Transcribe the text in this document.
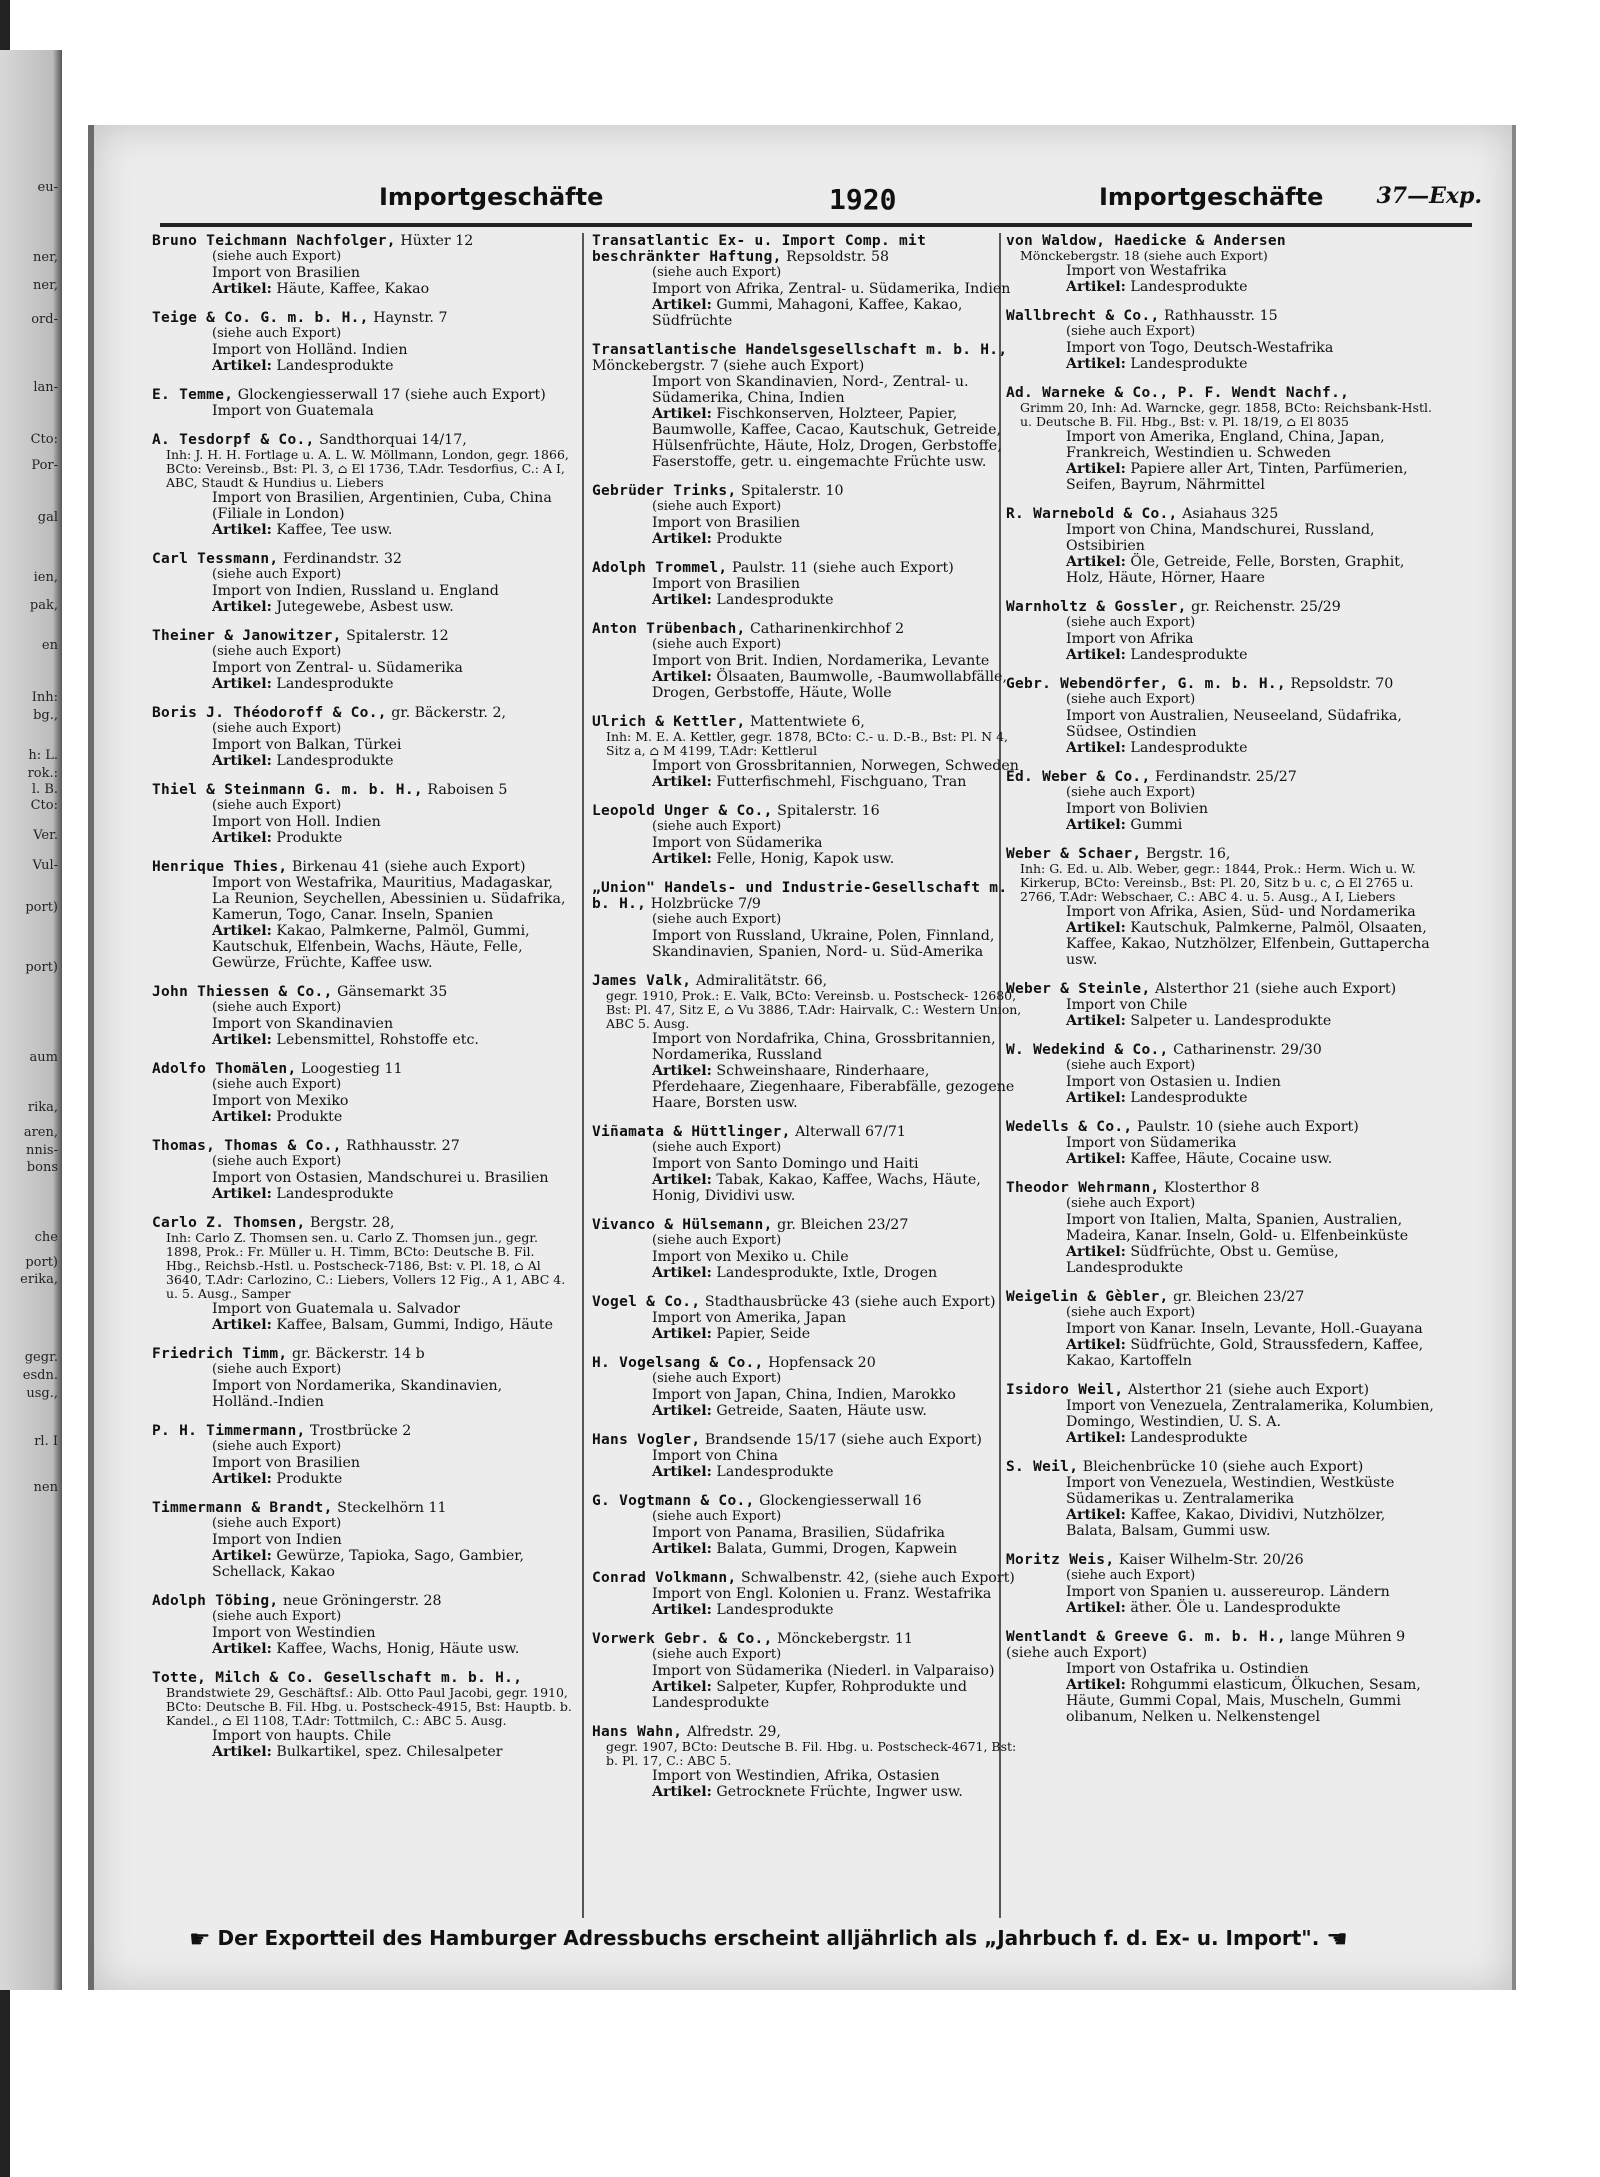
eu-
ner,
ner,
ord-
lan-
Cto:
Por-
gal
ien,
pak,
en
Inh:
bg.,
h: L.
rok.:
l. B.
Cto:
Ver.
Vul-
port)
port)
aum
rika,
aren,
nnis-
bons
che
port)
erika,
gegr.
esdn.
usg.,
rl. I
nen
Importgeschäfte	1920	Importgeschäfte 37—Exp.
Bruno Teichmann Nachfolger, Hüxter 12
(siehe auch Export)
Import von Brasilien
Artikel: Häute, Kaffee, Kakao
Teige & Co. G. m. b. H., Haynstr. 7
(siehe auch Export)
Import von Holländ. Indien
Artikel: Landesprodukte
E. Temme, Glockengiesserwall 17 (siehe auch Export)
Import von Guatemala
A. Tesdorpf & Co., Sandthorquai 14/17,
Inh: J. H. H. Fortlage u. A. L. W. Möllmann, London, gegr. 1866, BCto: Vereinsb., Bst: Pl. 3, ⌂ El 1736, T.Adr. Tesdorfius, C.: A I, ABC, Staudt & Hundius u. Liebers
Import von Brasilien, Argentinien, Cuba, China (Filiale in London)
Artikel: Kaffee, Tee usw.
Carl Tessmann, Ferdinandstr. 32
(siehe auch Export)
Import von Indien, Russland u. England
Artikel: Jutegewebe, Asbest usw.
Theiner & Janowitzer, Spitalerstr. 12
(siehe auch Export)
Import von Zentral- u. Südamerika
Artikel: Landesprodukte
Boris J. Théodoroff & Co., gr. Bäckerstr. 2,
(siehe auch Export)
Import von Balkan, Türkei
Artikel: Landesprodukte
Thiel & Steinmann G. m. b. H., Raboisen 5
(siehe auch Export)
Import von Holl. Indien
Artikel: Produkte
Henrique Thies, Birkenau 41 (siehe auch Export)
Import von Westafrika, Mauritius, Madagaskar, La Reunion, Seychellen, Abessinien u. Südafrika, Kamerun, Togo, Canar. Inseln, Spanien
Artikel: Kakao, Palmkerne, Palmöl, Gummi, Kautschuk, Elfenbein, Wachs, Häute, Felle, Gewürze, Früchte, Kaffee usw.
John Thiessen & Co., Gänsemarkt 35
(siehe auch Export)
Import von Skandinavien
Artikel: Lebensmittel, Rohstoffe etc.
Adolfo Thomälen, Loogestieg 11
(siehe auch Export)
Import von Mexiko
Artikel: Produkte
Thomas, Thomas & Co., Rathhausstr. 27
(siehe auch Export)
Import von Ostasien, Mandschurei u. Brasilien
Artikel: Landesprodukte
Carlo Z. Thomsen, Bergstr. 28,
Inh: Carlo Z. Thomsen sen. u. Carlo Z. Thomsen jun., gegr. 1898, Prok.: Fr. Müller u. H. Timm, BCto: Deutsche B. Fil. Hbg., Reichsb.-Hstl. u. Postscheck-7186, Bst: v. Pl. 18, ⌂ Al 3640, T.Adr: Carlozino, C.: Liebers, Vollers 12 Fig., A 1, ABC 4. u. 5. Ausg., Samper
Import von Guatemala u. Salvador
Artikel: Kaffee, Balsam, Gummi, Indigo, Häute
Friedrich Timm, gr. Bäckerstr. 14 b
(siehe auch Export)
Import von Nordamerika, Skandinavien, Holländ.-Indien
P. H. Timmermann, Trostbrücke 2
(siehe auch Export)
Import von Brasilien
Artikel: Produkte
Timmermann & Brandt, Steckelhörn 11
(siehe auch Export)
Import von Indien
Artikel: Gewürze, Tapioka, Sago, Gambier, Schellack, Kakao
Adolph Töbing, neue Gröningerstr. 28
(siehe auch Export)
Import von Westindien
Artikel: Kaffee, Wachs, Honig, Häute usw.
Totte, Milch & Co. Gesellschaft m. b. H.,
Brandstwiete 29, Geschäftsf.: Alb. Otto Paul Jacobi, gegr. 1910, BCto: Deutsche B. Fil. Hbg. u. Postscheck-4915, Bst: Hauptb. b. Kandel., ⌂ El 1108, T.Adr: Tottmilch, C.: ABC 5. Ausg.
Import von haupts. Chile
Artikel: Bulkartikel, spez. Chilesalpeter
Transatlantic Ex- u. Import Comp. mit beschränkter Haftung, Repsoldstr. 58
(siehe auch Export)
Import von Afrika, Zentral- u. Südamerika, Indien
Artikel: Gummi, Mahagoni, Kaffee, Kakao, Südfrüchte
Transatlantische Handelsgesellschaft m. b. H., Mönckebergstr. 7 (siehe auch Export)
Import von Skandinavien, Nord-, Zentral- u. Südamerika, China, Indien
Artikel: Fischkonserven, Holzteer, Papier, Baumwolle, Kaffee, Cacao, Kautschuk, Getreide, Hülsenfrüchte, Häute, Holz, Drogen, Gerbstoffe, Faserstoffe, getr. u. eingemachte Früchte usw.
Gebrüder Trinks, Spitalerstr. 10
(siehe auch Export)
Import von Brasilien
Artikel: Produkte
Adolph Trommel, Paulstr. 11 (siehe auch Export)
Import von Brasilien
Artikel: Landesprodukte
Anton Trübenbach, Catharinenkirchhof 2
(siehe auch Export)
Import von Brit. Indien, Nordamerika, Levante
Artikel: Ölsaaten, Baumwolle, -Baumwollabfälle, Drogen, Gerbstoffe, Häute, Wolle
Ulrich & Kettler, Mattentwiete 6,
Inh: M. E. A. Kettler, gegr. 1878, BCto: C.- u. D.-B., Bst: Pl. N 4, Sitz a, ⌂ M 4199, T.Adr: Kettlerul
Import von Grossbritannien, Norwegen, Schweden
Artikel: Futterfischmehl, Fischguano, Tran
Leopold Unger & Co., Spitalerstr. 16
(siehe auch Export)
Import von Südamerika
Artikel: Felle, Honig, Kapok usw.
„Union" Handels- und Industrie-Gesellschaft m. b. H., Holzbrücke 7/9
(siehe auch Export)
Import von Russland, Ukraine, Polen, Finnland, Skandinavien, Spanien, Nord- u. Süd-Amerika
James Valk, Admiralitätstr. 66,
gegr. 1910, Prok.: E. Valk, BCto: Vereinsb. u. Postscheck- 12680, Bst: Pl. 47, Sitz E, ⌂ Vu 3886, T.Adr: Hairvalk, C.: Western Union, ABC 5. Ausg.
Import von Nordafrika, China, Grossbritannien, Nordamerika, Russland
Artikel: Schweinshaare, Rinderhaare, Pferdehaare, Ziegenhaare, Fiberabfälle, gezogene Haare, Borsten usw.
Viñamata & Hüttlinger, Alterwall 67/71
(siehe auch Export)
Import von Santo Domingo und Haiti
Artikel: Tabak, Kakao, Kaffee, Wachs, Häute, Honig, Dividivi usw.
Vivanco & Hülsemann, gr. Bleichen 23/27
(siehe auch Export)
Import von Mexiko u. Chile
Artikel: Landesprodukte, Ixtle, Drogen
Vogel & Co., Stadthausbrücke 43 (siehe auch Export)
Import von Amerika, Japan
Artikel: Papier, Seide
H. Vogelsang & Co., Hopfensack 20
(siehe auch Export)
Import von Japan, China, Indien, Marokko
Artikel: Getreide, Saaten, Häute usw.
Hans Vogler, Brandsende 15/17 (siehe auch Export)
Import von China
Artikel: Landesprodukte
G. Vogtmann & Co., Glockengiesserwall 16
(siehe auch Export)
Import von Panama, Brasilien, Südafrika
Artikel: Balata, Gummi, Drogen, Kapwein
Conrad Volkmann, Schwalbenstr. 42, (siehe auch Export)
Import von Engl. Kolonien u. Franz. Westafrika
Artikel: Landesprodukte
Vorwerk Gebr. & Co., Mönckebergstr. 11
(siehe auch Export)
Import von Südamerika (Niederl. in Valparaiso)
Artikel: Salpeter, Kupfer, Rohprodukte und Landesprodukte
Hans Wahn, Alfredstr. 29,
gegr. 1907, BCto: Deutsche B. Fil. Hbg. u. Postscheck-4671, Bst: b. Pl. 17, C.: ABC 5.
Import von Westindien, Afrika, Ostasien
Artikel: Getrocknete Früchte, Ingwer usw.
von Waldow, Haedicke & Andersen
Mönckebergstr. 18 (siehe auch Export)
Import von Westafrika
Artikel: Landesprodukte
Wallbrecht & Co., Rathhausstr. 15
(siehe auch Export)
Import von Togo, Deutsch-Westafrika
Artikel: Landesprodukte
Ad. Warneke & Co., P. F. Wendt Nachf.,
Grimm 20, Inh: Ad. Warncke, gegr. 1858, BCto: Reichsbank-Hstl. u. Deutsche B. Fil. Hbg., Bst: v. Pl. 18/19, ⌂ El 8035
Import von Amerika, England, China, Japan, Frankreich, Westindien u. Schweden
Artikel: Papiere aller Art, Tinten, Parfümerien, Seifen, Bayrum, Nährmittel
R. Warnebold & Co., Asiahaus 325
Import von China, Mandschurei, Russland, Ostsibirien
Artikel: Öle, Getreide, Felle, Borsten, Graphit, Holz, Häute, Hörner, Haare
Warnholtz & Gossler, gr. Reichenstr. 25/29
(siehe auch Export)
Import von Afrika
Artikel: Landesprodukte
Gebr. Webendörfer, G. m. b. H., Repsoldstr. 70
(siehe auch Export)
Import von Australien, Neuseeland, Südafrika, Südsee, Ostindien
Artikel: Landesprodukte
Ed. Weber & Co., Ferdinandstr. 25/27
(siehe auch Export)
Import von Bolivien
Artikel: Gummi
Weber & Schaer, Bergstr. 16,
Inh: G. Ed. u. Alb. Weber, gegr.: 1844, Prok.: Herm. Wich u. W. Kirkerup, BCto: Vereinsb., Bst: Pl. 20, Sitz b u. c, ⌂ El 2765 u. 2766, T.Adr: Webschaer, C.: ABC 4. u. 5. Ausg., A I, Liebers
Import von Afrika, Asien, Süd- und Nordamerika
Artikel: Kautschuk, Palmkerne, Palmöl, Olsaaten, Kaffee, Kakao, Nutzhölzer, Elfenbein, Guttapercha usw.
Weber & Steinle, Alsterthor 21 (siehe auch Export)
Import von Chile
Artikel: Salpeter u. Landesprodukte
W. Wedekind & Co., Catharinenstr. 29/30
(siehe auch Export)
Import von Ostasien u. Indien
Artikel: Landesprodukte
Wedells & Co., Paulstr. 10 (siehe auch Export)
Import von Südamerika
Artikel: Kaffee, Häute, Cocaine usw.
Theodor Wehrmann, Klosterthor 8
(siehe auch Export)
Import von Italien, Malta, Spanien, Australien, Madeira, Kanar. Inseln, Gold- u. Elfenbeinküste
Artikel: Südfrüchte, Obst u. Gemüse, Landesprodukte
Weigelin & Gèbler, gr. Bleichen 23/27
(siehe auch Export)
Import von Kanar. Inseln, Levante, Holl.-Guayana
Artikel: Südfrüchte, Gold, Straussfedern, Kaffee, Kakao, Kartoffeln
Isidoro Weil, Alsterthor 21 (siehe auch Export)
Import von Venezuela, Zentralamerika, Kolumbien, Domingo, Westindien, U. S. A.
Artikel: Landesprodukte
S. Weil, Bleichenbrücke 10 (siehe auch Export)
Import von Venezuela, Westindien, Westküste Südamerikas u. Zentralamerika
Artikel: Kaffee, Kakao, Dividivi, Nutzhölzer, Balata, Balsam, Gummi usw.
Moritz Weis, Kaiser Wilhelm-Str. 20/26
(siehe auch Export)
Import von Spanien u. aussereurop. Ländern
Artikel: äther. Öle u. Landesprodukte
Wentlandt & Greeve G. m. b. H., lange Mühren 9 (siehe auch Export)
Import von Ostafrika u. Ostindien
Artikel: Rohgummi elasticum, Ölkuchen, Sesam, Häute, Gummi Copal, Mais, Muscheln, Gummi olibanum, Nelken u. Nelkenstengel
☛ Der Exportteil des Hamburger Adressbuchs erscheint alljährlich als „Jahrbuch f. d. Ex- u. Import". ☚
